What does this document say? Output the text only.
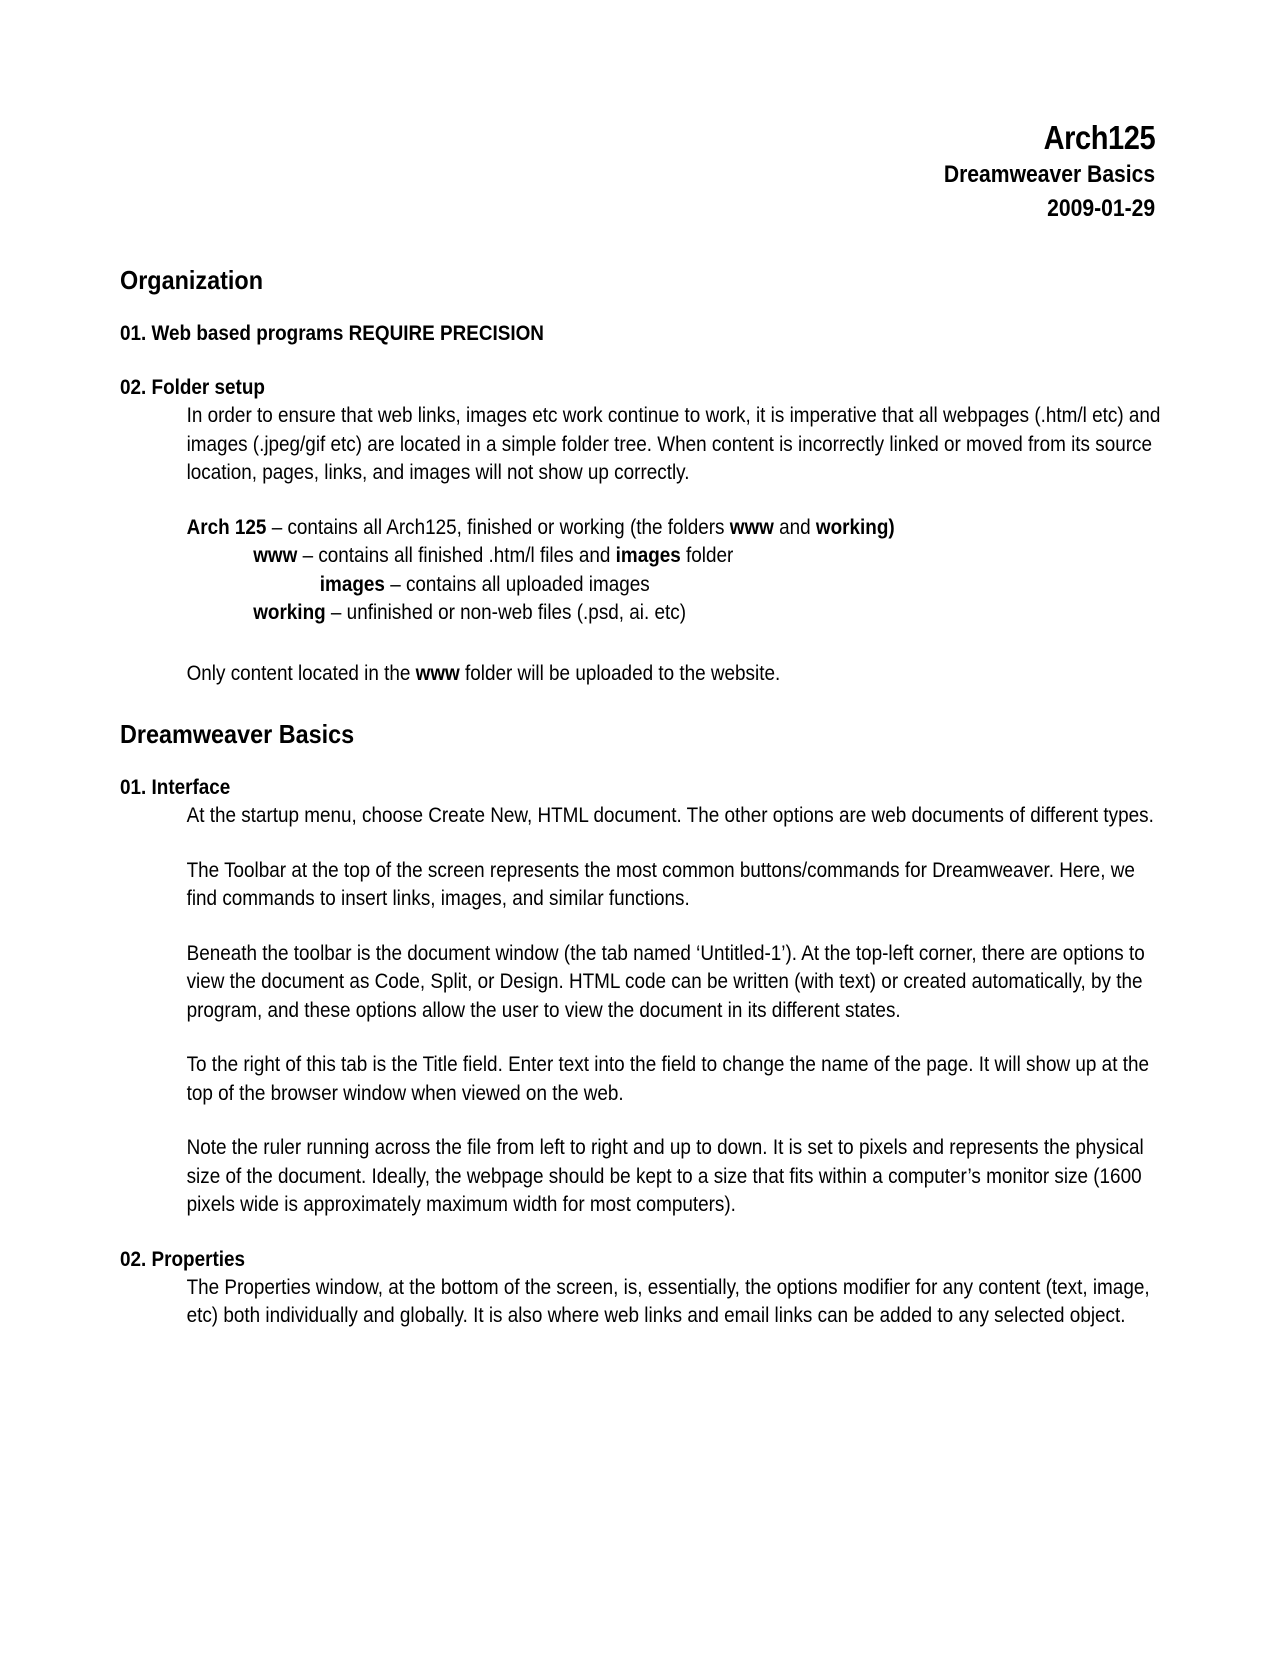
Arch125
Dreamweaver Basics
2009-01-29
Organization
01. Web based programs REQUIRE PRECISION
02. Folder setup
In order to ensure that web links, images etc work continue to work, it is imperative that all webpages (.htm/l etc) and images (.jpeg/gif etc) are located in a simple folder tree. When content is incorrectly linked or moved from its source location, pages, links, and images will not show up correctly.
Arch 125 – contains all Arch125, finished or working (the folders www and working)
www – contains all finished .htm/l files and images folder
images – contains all uploaded images
working – unfinished or non-web files (.psd, ai. etc)
Only content located in the www folder will be uploaded to the website.
Dreamweaver Basics
01. Interface
At the startup menu, choose Create New, HTML document. The other options are web documents of different types.
The Toolbar at the top of the screen represents the most common buttons/commands for Dreamweaver. Here, we find commands to insert links, images, and similar functions.
Beneath the toolbar is the document window (the tab named ‘Untitled-1’). At the top-left corner, there are options to view the document as Code, Split, or Design. HTML code can be written (with text) or created automatically, by the program, and these options allow the user to view the document in its different states.
To the right of this tab is the Title field. Enter text into the field to change the name of the page. It will show up at the top of the browser window when viewed on the web.
Note the ruler running across the file from left to right and up to down. It is set to pixels and represents the physical size of the document. Ideally, the webpage should be kept to a size that fits within a computer’s monitor size (1600 pixels wide is approximately maximum width for most computers).
02. Properties
The Properties window, at the bottom of the screen, is, essentially, the options modifier for any content (text, image, etc) both individually and globally. It is also where web links and email links can be added to any selected object.
